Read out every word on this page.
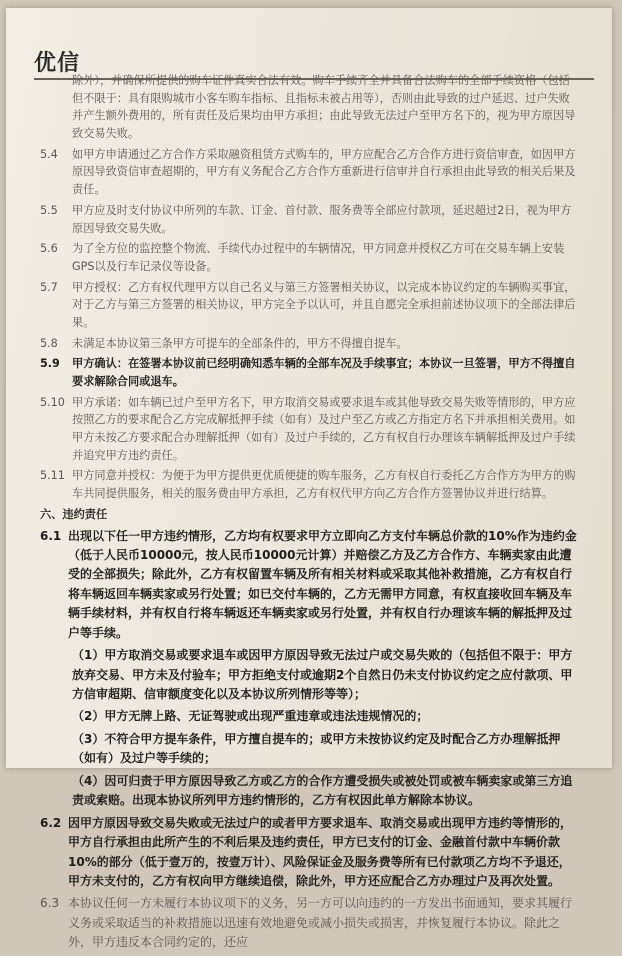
优信
除外），并确保所提供的购车证件真实合法有效。购车手续齐全并具备合法购车的全部手续资格（包括但不限于：具有限购城市小客车购车指标、且指标未被占用等），否则由此导致的过户延迟、过户失败并产生额外费用的，所有责任及后果均由甲方承担；由此导致无法过户至甲方名下的，视为甲方原因导致交易失败。
5.4	如甲方申请通过乙方合作方采取融资租赁方式购车的，甲方应配合乙方合作方进行资信审查，如因甲方原因导致资信审查超期的，甲方有义务配合乙方合作方重新进行信审并自行承担由此导致的相关后果及责任。
5.5	甲方应及时支付协议中所列的车款、订金、首付款、服务费等全部应付款项，延迟超过2日，视为甲方原因导致交易失败。
5.6	为了全方位的监控整个物流、手续代办过程中的车辆情况，甲方同意并授权乙方可在交易车辆上安装GPS以及行车记录仪等设备。
5.7	甲方授权：乙方有权代理甲方以自己名义与第三方签署相关协议，以完成本协议约定的车辆购买事宜，对于乙方与第三方签署的相关协议，甲方完全予以认可，并且自愿完全承担前述协议项下的全部法律后果。
5.8	未满足本协议第三条甲方可提车的全部条件的，甲方不得擅自提车。
5.9	甲方确认：在签署本协议前已经明确知悉车辆的全部车况及手续事宜；本协议一旦签署，甲方不得擅自要求解除合同或退车。
5.10 甲方承诺：如车辆已过户至甲方名下，甲方取消交易或要求退车或其他导致交易失败等情形的，甲方应按照乙方的要求配合乙方完成解抵押手续（如有）及过户至乙方或乙方指定方名下并承担相关费用。如甲方未按乙方要求配合办理解抵押（如有）及过户手续的，乙方有权自行办理该车辆解抵押及过户手续并追究甲方违约责任。
5.11 甲方同意并授权：为便于为甲方提供更优质便捷的购车服务，乙方有权自行委托乙方合作方为甲方的购车共同提供服务，相关的服务费由甲方承担，乙方有权代甲方向乙方合作方签署协议并进行结算。
六、违约责任
6.1 出现以下任一甲方违约情形，乙方均有权要求甲方立即向乙方支付车辆总价款的10%作为违约金（低于人民币10000元，按人民币10000元计算）并赔偿乙方及乙方合作方、车辆卖家由此遭受的全部损失；除此外，乙方有权留置车辆及所有相关材料或采取其他补救措施，乙方有权自行将车辆返回车辆卖家或另行处置；如已交付车辆的，乙方无需甲方同意，有权直接收回车辆及车辆手续材料，并有权自行将车辆返还车辆卖家或另行处置，并有权自行办理该车辆的解抵押及过户等手续。
（1）甲方取消交易或要求退车或因甲方原因导致无法过户或交易失败的（包括但不限于：甲方放弃交易、甲方未及付验车；甲方拒绝支付或逾期2个自然日仍未支付协议约定之应付款项、甲方信审超期、信审额度变化以及本协议所列情形等等）；
（2）甲方无牌上路、无证驾驶或出现严重违章或违法违规情况的；
（3）不符合甲方提车条件，甲方擅自提车的；或甲方未按协议约定及时配合乙方办理解抵押（如有）及过户等手续的；
（4）因可归责于甲方原因导致乙方或乙方的合作方遭受损失或被处罚或被车辆卖家或第三方追责或索赔。出现本协议所列甲方违约情形的，乙方有权因此单方解除本协议。
6.2 因甲方原因导致交易失败或无法过户的或者甲方要求退车、取消交易或出现甲方违约等情形的，甲方自行承担由此所产生的不利后果及违约责任，甲方已支付的订金、金融首付款中车辆价款10%的部分（低于壹万的，按壹万计）、风险保证金及服务费等所有已付款项乙方均不予退还，甲方未支付的，乙方有权向甲方继续追偿，除此外，甲方还应配合乙方办理过户及再次处置。
6.3 本协议任何一方未履行本协议项下的义务，另一方可以向违约的一方发出书面通知，要求其履行义务或采取适当的补救措施以迅速有效地避免或减小损失或损害，并恢复履行本协议。除此之外，甲方违反本合同约定的，还应
